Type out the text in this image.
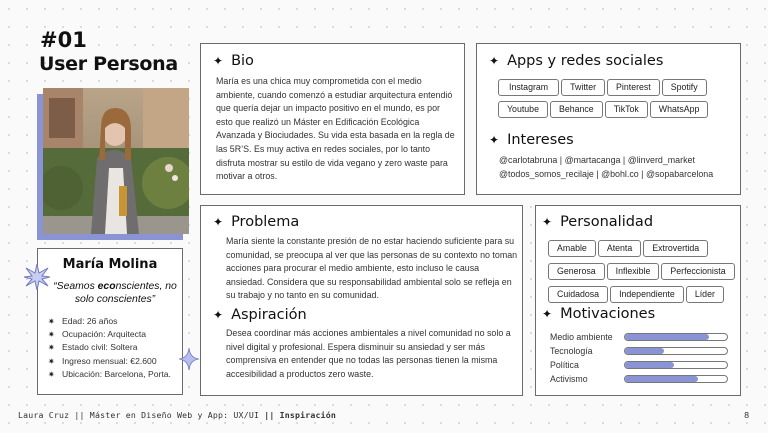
#01
User Persona
María Molina
“Seamos econscientes, no solo conscientes”
✷ Edad: 26 años
✷ Ocupación: Arquitecta
✷ Estado civil: Soltera
✷ Ingreso mensual: €2.600
✷ Ubicación: Barcelona, Porta.
✦ Bio

María es una chica muy comprometida con el medio ambiente, cuando comenzó a estudiar arquitectura entendió que quería dejar un impacto positivo en el mundo, es por esto que realizó un Máster en Edificación Ecológica Avanzada y Biociudades. Su vida esta basada en la regla de las 5R’S. Es muy activa en redes sociales, por lo tanto disfruta mostrar su estilo de vida vegano y zero waste para motivar a otros.

✦ Apps y redes sociales
Instagram	Twitter Pinterest Spotify
Youtube Behance TikTok WhatsApp
✦ Intereses
@carlotabruna | @martacanga | @linverd_market
@todos_somos_recilaje | @bohl.co | @sopabarcelona
✦ Problema

María siente la constante presión de no estar haciendo suficiente para su comunidad, se preocupa al ver que las personas de su contexto no toman acciones para procurar el medio ambiente, esto incluso le causa ansiedad. Considera que su responsabilidad ambiental solo se refleja en su trabajo y no tanto en su comunidad.

✦ Aspiración

Desea coordinar más acciones ambientales a nivel comunidad no solo a nivel digital y profesional. Espera disminuir su ansiedad y ser más comprensiva en entender que no todas las personas tienen la misma accesibilidad a productos zero waste.

✦ Personalidad
Amable Atenta Extrovertida
Generosa Inflexible Perfeccionista
Cuidadosa Independiente Líder
✦ Motivaciones
Medio ambiente
Tecnología
Política
Activismo
Laura Cruz || Máster en Diseño Web y App: UX/UI || Inspiración	8
